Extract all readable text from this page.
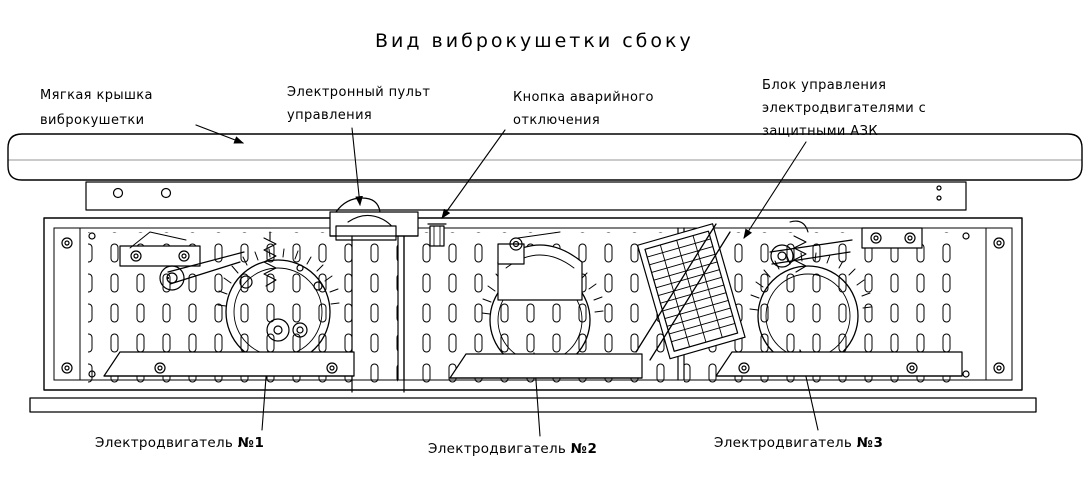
Вид виброкушетки сбоку
Мягкая крышка
виброкушетки
Электронный пульт
управления
Кнопка аварийного
отключения
Блок управления
электродвигателями с
защитными АЗК
Электродвигатель №1	Электродвигатель №2	Электродвигатель №3
